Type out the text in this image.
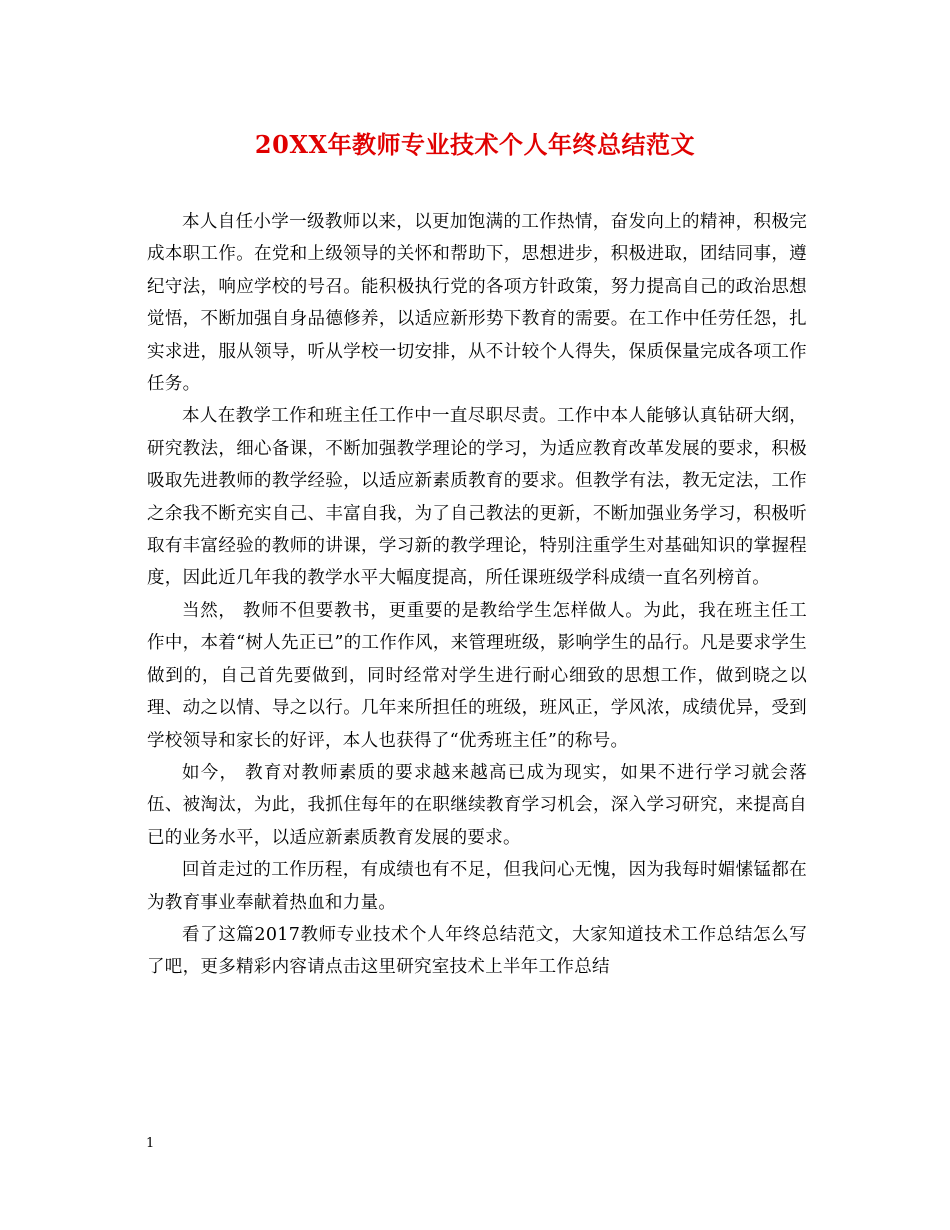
20XX年教师专业技术个人年终总结范文

本人自任小学一级教师以来，以更加饱满的工作热情，奋发向上的精神，积极完成本职工作。在党和上级领导的关怀和帮助下，思想进步，积极进取，团结同事，遵纪守法，响应学校的号召。能积极执行党的各项方针政策，努力提高自己的政治思想觉悟，不断加强自身品德修养，以适应新形势下教育的需要。在工作中任劳任怨，扎实求进，服从领导，听从学校一切安排，从不计较个人得失，保质保量完成各项工作任务。

本人在教学工作和班主任工作中一直尽职尽责。工作中本人能够认真钻研大纲，研究教法，细心备课，不断加强教学理论的学习，为适应教育改革发展的要求，积极吸取先进教师的教学经验，以适应新素质教育的要求。但教学有法，教无定法，工作之余我不断充实自己、丰富自我，为了自己教法的更新，不断加强业务学习，积极听取有丰富经验的教师的讲课，学习新的教学理论，特别注重学生对基础知识的掌握程度，因此近几年我的教学水平大幅度提高，所任课班级学科成绩一直名列榜首。

当然， 教师不但要教书，更重要的是教给学生怎样做人。为此，我在班主任工作中，本着“树人先正已”的工作作风，来管理班级，影响学生的品行。凡是要求学生做到的，自己首先要做到，同时经常对学生进行耐心细致的思想工作，做到晓之以理、动之以情、导之以行。几年来所担任的班级，班风正，学风浓，成绩优异，受到学校领导和家长的好评，本人也获得了“优秀班主任”的称号。

如今， 教育对教师素质的要求越来越高已成为现实，如果不进行学习就会落伍、被淘汰，为此，我抓住每年的在职继续教育学习机会，深入学习研究，来提高自已的业务水平，以适应新素质教育发展的要求。

回首走过的工作历程，有成绩也有不足，但我问心无愧，因为我每时媚愫锰都在为教育事业奉献着热血和力量。

看了这篇2017教师专业技术个人年终总结范文，大家知道技术工作总结怎么写了吧，更多精彩内容请点击这里研究室技术上半年工作总结

1
